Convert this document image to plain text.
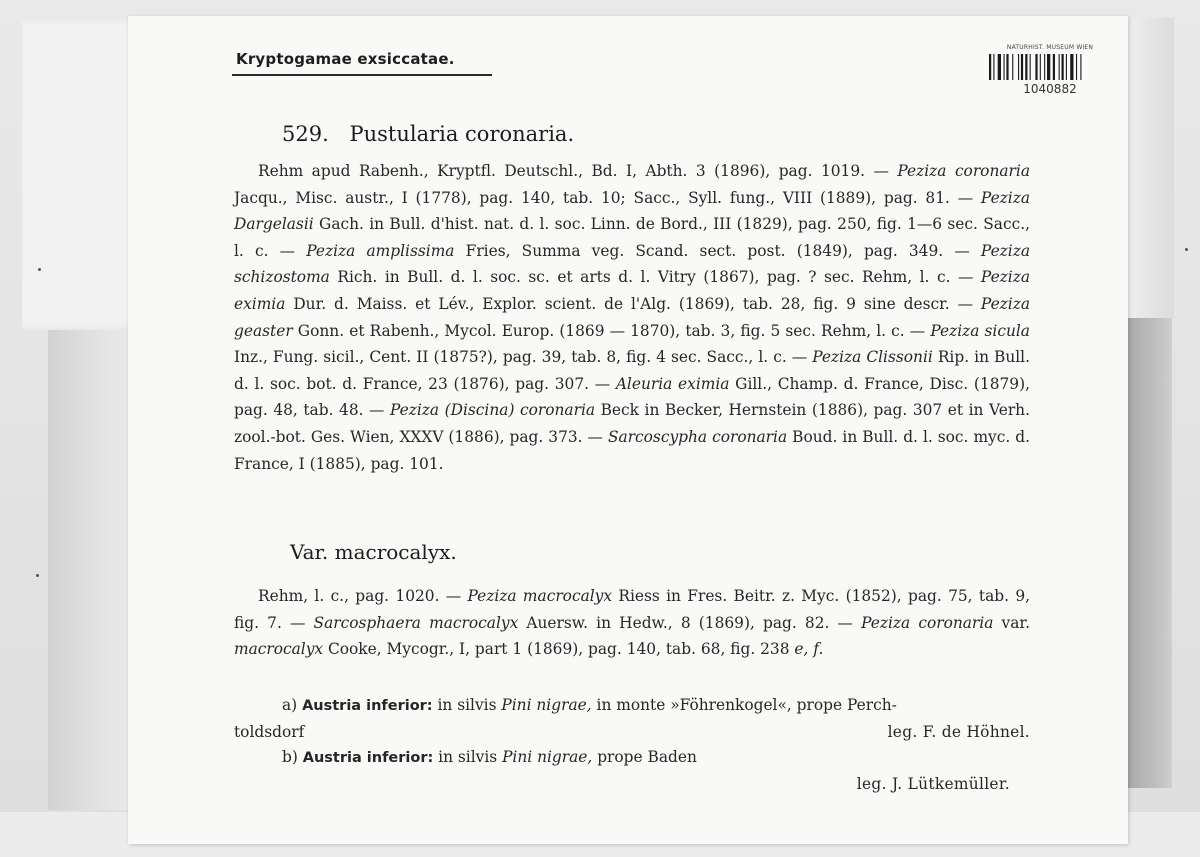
Kryptogamae exsiccatae.
NATURHIST. MUSEUM WIEN
1040882
529. Pustularia coronaria.
Rehm apud Rabenh., Kryptfl. Deutschl., Bd. I, Abth. 3 (1896), pag. 1019. — Peziza coronaria Jacqu., Misc. austr., I (1778), pag. 140, tab. 10; Sacc., Syll. fung., VIII (1889), pag. 81. — Peziza Dargelasii Gach. in Bull. d'hist. nat. d. l. soc. Linn. de Bord., III (1829), pag. 250, fig. 1—6 sec. Sacc., l. c. — Peziza amplissima Fries, Summa veg. Scand. sect. post. (1849), pag. 349. — Peziza schizostoma Rich. in Bull. d. l. soc. sc. et arts d. l. Vitry (1867), pag. ? sec. Rehm, l. c. — Peziza eximia Dur. d. Maiss. et Lév., Explor. scient. de l'Alg. (1869), tab. 28, fig. 9 sine descr. — Peziza geaster Gonn. et Rabenh., Mycol. Europ. (1869 — 1870), tab. 3, fig. 5 sec. Rehm, l. c. — Peziza sicula Inz., Fung. sicil., Cent. II (1875?), pag. 39, tab. 8, fig. 4 sec. Sacc., l. c. — Peziza Clissonii Rip. in Bull. d. l. soc. bot. d. France, 23 (1876), pag. 307. — Aleuria eximia Gill., Champ. d. France, Disc. (1879), pag. 48, tab. 48. — Peziza (Discina) coronaria Beck in Becker, Hernstein (1886), pag. 307 et in Verh. zool.-bot. Ges. Wien, XXXV (1886), pag. 373. — Sarcoscypha coronaria Boud. in Bull. d. l. soc. myc. d. France, I (1885), pag. 101.
Var. macrocalyx.
Rehm, l. c., pag. 1020. — Peziza macrocalyx Riess in Fres. Beitr. z. Myc. (1852), pag. 75, tab. 9, fig. 7. — Sarcosphaera macrocalyx Auersw. in Hedw., 8 (1869), pag. 82. — Peziza coronaria var. macrocalyx Cooke, Mycogr., I, part 1 (1869), pag. 140, tab. 68, fig. 238 e, f.
a) Austria inferior: in silvis Pini nigrae, in monte »Föhrenkogel«, prope Perch-
toldsdorf	leg. F. de Höhnel.
b) Austria inferior: in silvis Pini nigrae, prope Baden
leg. J. Lütkemüller.
